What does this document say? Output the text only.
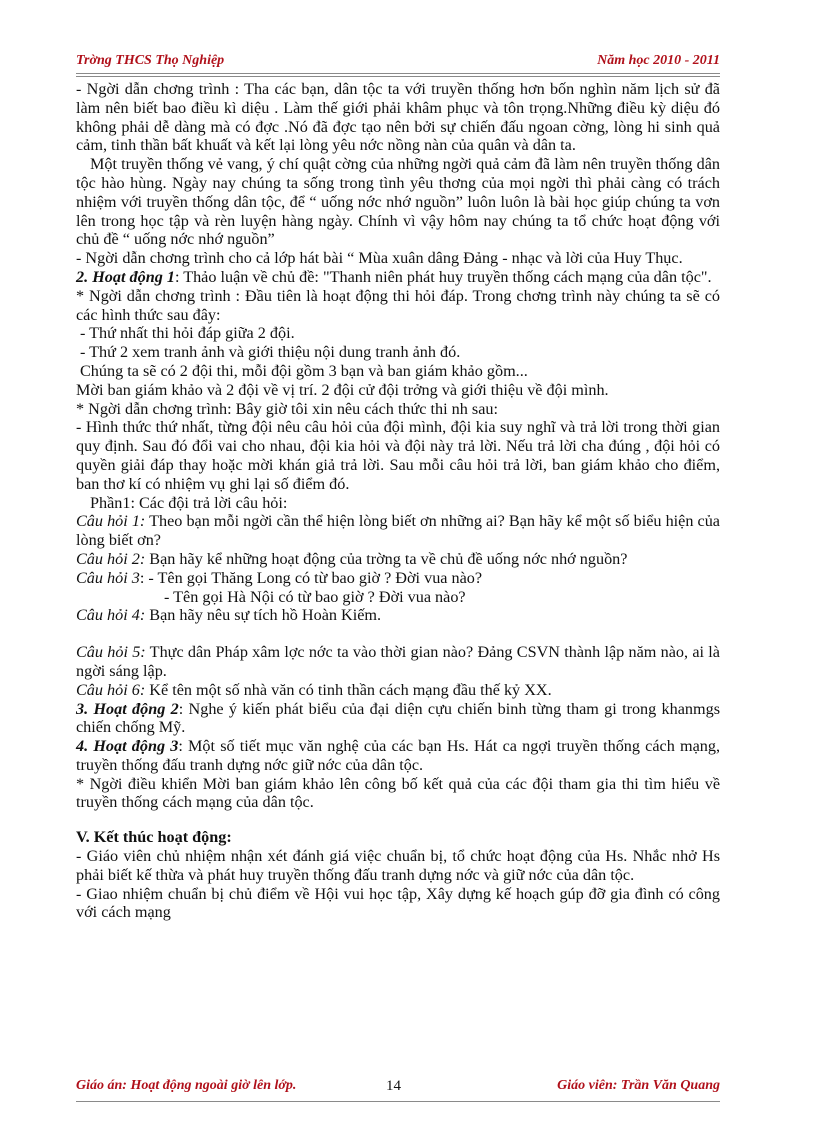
Trờng THCS Thọ Nghiệp	Năm học 2010 - 2011

- Ngời dẫn chơng trình : Tha các bạn, dân tộc ta với truyền thống hơn bốn nghìn năm lịch sử đã làm nên biết bao điều kì diệu . Làm thế giới phải khâm phục và tôn trọng.Những điều kỳ diệu đó không phải dễ dàng mà có đợc .Nó đã đợc tạo nên bởi sự chiến đấu ngoan cờng, lòng hi sinh quả cảm, tinh thần bất khuất và kết lại lòng yêu nớc nồng nàn của quân và dân ta.

Một truyền thống vẻ vang, ý chí quật cờng của những ngời quả cảm đã làm nên truyền thống dân tộc hào hùng. Ngày nay chúng ta sống trong tình yêu thơng của mọi ngời thì phải càng có trách nhiệm với truyền thống dân tộc, để “ uống nớc nhớ nguồn” luôn luôn là bài học giúp chúng ta vơn lên trong học tập và rèn luyện hàng ngày. Chính vì vậy hôm nay chúng ta tổ chức hoạt động với chủ đề “ uống nớc nhớ nguồn”

- Ngời dẫn chơng trình cho cả lớp hát bài “ Mùa xuân dâng Đảng - nhạc và lời của Huy Thục.

2. Hoạt động 1: Thảo luận về chủ đề: "Thanh niên phát huy truyền thống cách mạng của dân tộc".

* Ngời dẫn chơng trình : Đầu tiên là hoạt động thi hỏi đáp. Trong chơng trình này chúng ta sẽ có các hình thức sau đây:

- Thứ nhất thi hỏi đáp giữa 2 đội.

- Thứ 2 xem tranh ảnh và giới thiệu nội dung tranh ảnh đó.

Chúng ta sẽ có 2 đội thi, mỗi đội gồm 3 bạn và ban giám khảo gồm...

Mời ban giám khảo và 2 đội về vị trí. 2 đội cử đội trởng và giới thiệu về đội mình.

* Ngời dẫn chơng trình: Bây giờ tôi xin nêu cách thức thi nh sau:

- Hình thức thứ nhất, từng đội nêu câu hỏi của đội mình, đội kia suy nghĩ và trả lời trong thời gian quy định. Sau đó đổi vai cho nhau, đội kia hỏi và đội này trả lời. Nếu trả lời cha đúng , đội hỏi có quyền giải đáp thay hoặc mời khán giả trả lời. Sau mỗi câu hỏi trả lời, ban giám khảo cho điểm, ban thơ kí có nhiệm vụ ghi lại số điểm đó.

Phần1: Các đội trả lời câu hỏi:

Câu hỏi 1: Theo bạn mỗi ngời cần thể hiện lòng biết ơn những ai? Bạn hãy kể một số biểu hiện của lòng biết ơn?

Câu hỏi 2: Bạn hãy kể những hoạt động của trờng ta về chủ đề uống nớc nhớ nguồn?

Câu hỏi 3: - Tên gọi Thăng Long có từ bao giờ ? Đời vua nào?

- Tên gọi Hà Nội có từ bao giờ ? Đời vua nào?

Câu hỏi 4: Bạn hãy nêu sự tích hồ Hoàn Kiếm.

Câu hỏi 5: Thực dân Pháp xâm lợc nớc ta vào thời gian nào? Đảng CSVN thành lập năm nào, ai là ngời sáng lập.

Câu hỏi 6: Kể tên một số nhà văn có tinh thần cách mạng đầu thế kỷ XX.

3. Hoạt động 2: Nghe ý kiến phát biểu của đại diện cựu chiến binh từng tham gi trong khanmgs chiến chống Mỹ.

4. Hoạt động 3: Một số tiết mục văn nghệ của các bạn Hs. Hát ca ngợi truyền thống cách mạng, truyền thống đấu tranh dựng nớc giữ nớc của dân tộc.

* Ngời điều khiển Mời ban giám khảo lên công bố kết quả của các đội tham gia thi tìm hiểu về truyền thống cách mạng của dân tộc.

V. Kết thúc hoạt động:

- Giáo viên chủ nhiệm nhận xét đánh giá việc chuẩn bị, tổ chức hoạt động của Hs. Nhắc nhở Hs phải biết kế thừa và phát huy truyền thống đấu tranh dựng nớc và giữ nớc của dân tộc.

- Giao nhiệm chuẩn bị chủ điểm về Hội vui học tập, Xây dựng kế hoạch gúp đỡ gia đình có công với cách mạng

Giáo án: Hoạt động ngoài giờ lên lớp.	14	Giáo viên: Trần Văn Quang
